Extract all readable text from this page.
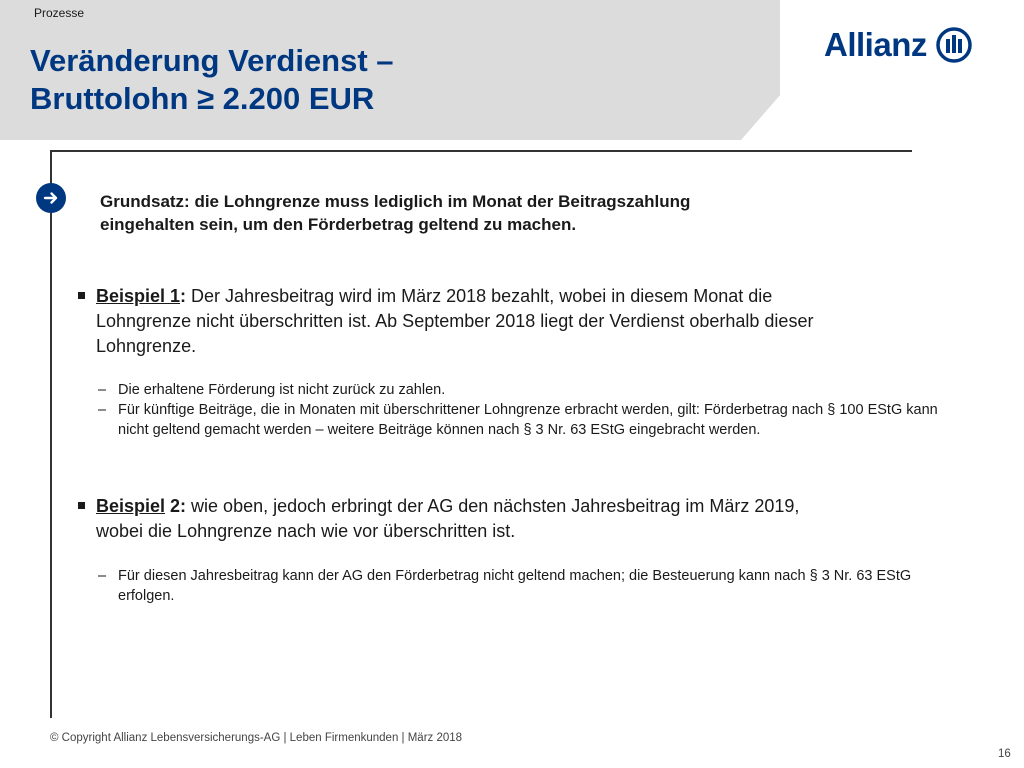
Prozesse
Veränderung Verdienst –
Bruttolohn ≥ 2.200 EUR
Allianz
Grundsatz: die Lohngrenze muss lediglich im Monat der Beitragszahlung eingehalten sein, um den Förderbetrag geltend zu machen.
Beispiel 1: Der Jahresbeitrag wird im März 2018 bezahlt, wobei in diesem Monat die Lohngrenze nicht überschritten ist. Ab September 2018 liegt der Verdienst oberhalb dieser Lohngrenze.
– Die erhaltene Förderung ist nicht zurück zu zahlen.
– Für künftige Beiträge, die in Monaten mit überschrittener Lohngrenze erbracht werden, gilt: Förderbetrag nach § 100 EStG kann nicht geltend gemacht werden – weitere Beiträge können nach § 3 Nr. 63 EStG eingebracht werden.
Beispiel 2: wie oben, jedoch erbringt der AG den nächsten Jahresbeitrag im März 2019, wobei die Lohngrenze nach wie vor überschritten ist.
– Für diesen Jahresbeitrag kann der AG den Förderbetrag nicht geltend machen; die Besteuerung kann nach § 3 Nr. 63 EStG erfolgen.
© Copyright Allianz Lebensversicherungs-AG | Leben Firmenkunden | März 2018
16
